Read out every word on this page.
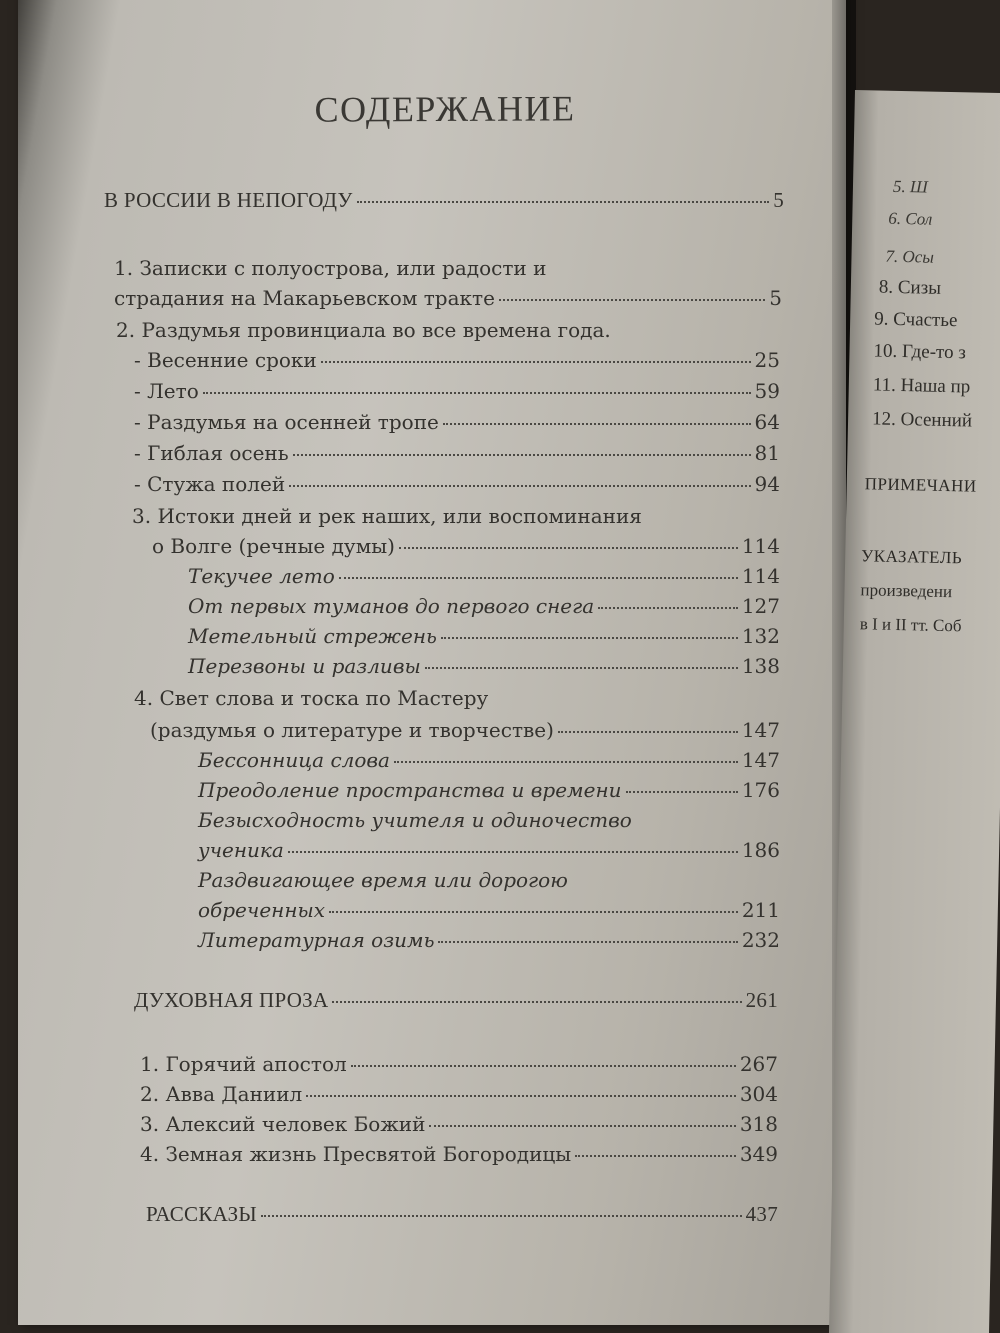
5. Ш
6. Сол
7. Осы
8. Сизы
9. Счастье
10. Где-то з
11. Наша пр
12. Осенний
ПРИМЕЧАНИ
УКАЗАТЕЛЬ
произведени
в I и II тт. Соб
СОДЕРЖАНИЕ
В РОССИИ В НЕПОГОДУ	5
1. Записки с полуострова, или радости и
страдания на Макарьевском тракте	5
2. Раздумья провинциала во все времена года.
- Весенние сроки	25
- Лето	59
- Раздумья на осенней тропе	64
- Гиблая осень	81
- Стужа полей	94
3. Истоки дней и рек наших, или воспоминания
о Волге (речные думы)	114
Текучее лето	114
От первых туманов до первого снега	127
Метельный стрежень	132
Перезвоны и разливы	138
4. Свет слова и тоска по Мастеру
(раздумья о литературе и творчестве)	147
Бессонница слова	147
Преодоление пространства и времени	176
Безысходность учителя и одиночество
ученика	186
Раздвигающее время или дорогою
обреченных	211
Литературная озимь	232
ДУХОВНАЯ ПРОЗА	261
1. Горячий апостол	267
2. Авва Даниил	304
3. Алексий человек Божий	318
4. Земная жизнь Пресвятой Богородицы	349
РАССКАЗЫ	437
